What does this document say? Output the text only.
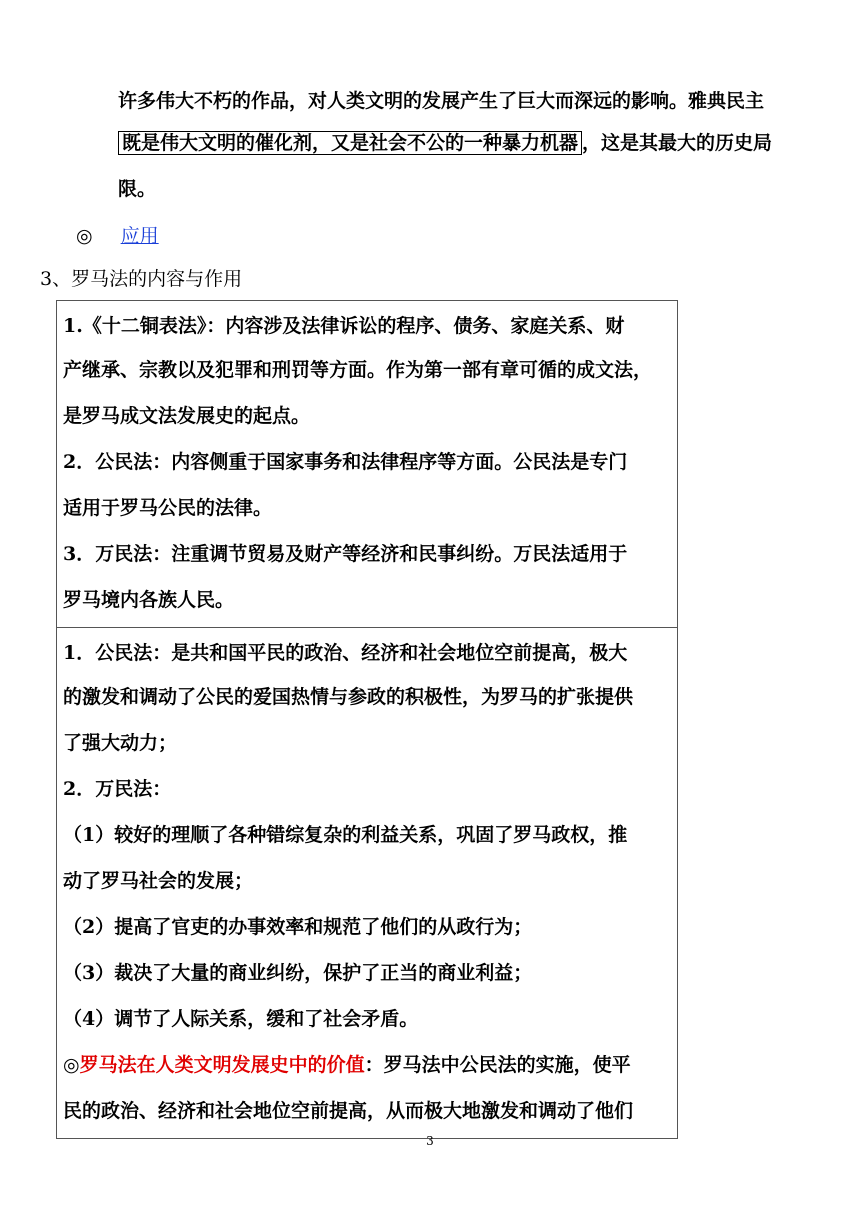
许多伟大不朽的作品，对人类文明的发展产生了巨大而深远的影响。雅典民主
既是伟大文明的催化剂，又是社会不公的一种暴力机器 ，这是其最大的历史局
限。
◎ 应用
3、罗马法的内容与作用
1.《十二铜表法》：内容涉及法律诉讼的程序、债务、家庭关系、财
产继承、宗教以及犯罪和刑罚等方面。作为第一部有章可循的成文法，
是罗马成文法发展史的起点。
2．公民法：内容侧重于国家事务和法律程序等方面。公民法是专门
适用于罗马公民的法律。
3．万民法：注重调节贸易及财产等经济和民事纠纷。万民法适用于
罗马境内各族人民。

1．公民法：是共和国平民的政治、经济和社会地位空前提高，极大
的激发和调动了公民的爱国热情与参政的积极性，为罗马的扩张提供
了强大动力；
2．万民法：
（1）较好的理顺了各种错综复杂的利益关系，巩固了罗马政权，推
动了罗马社会的发展；
（2）提高了官吏的办事效率和规范了他们的从政行为；
（3）裁决了大量的商业纠纷，保护了正当的商业利益；
（4）调节了人际关系，缓和了社会矛盾。
◎罗马法在人类文明发展史中的价值：罗马法中公民法的实施，使平
民的政治、经济和社会地位空前提高，从而极大地激发和调动了他们
3
